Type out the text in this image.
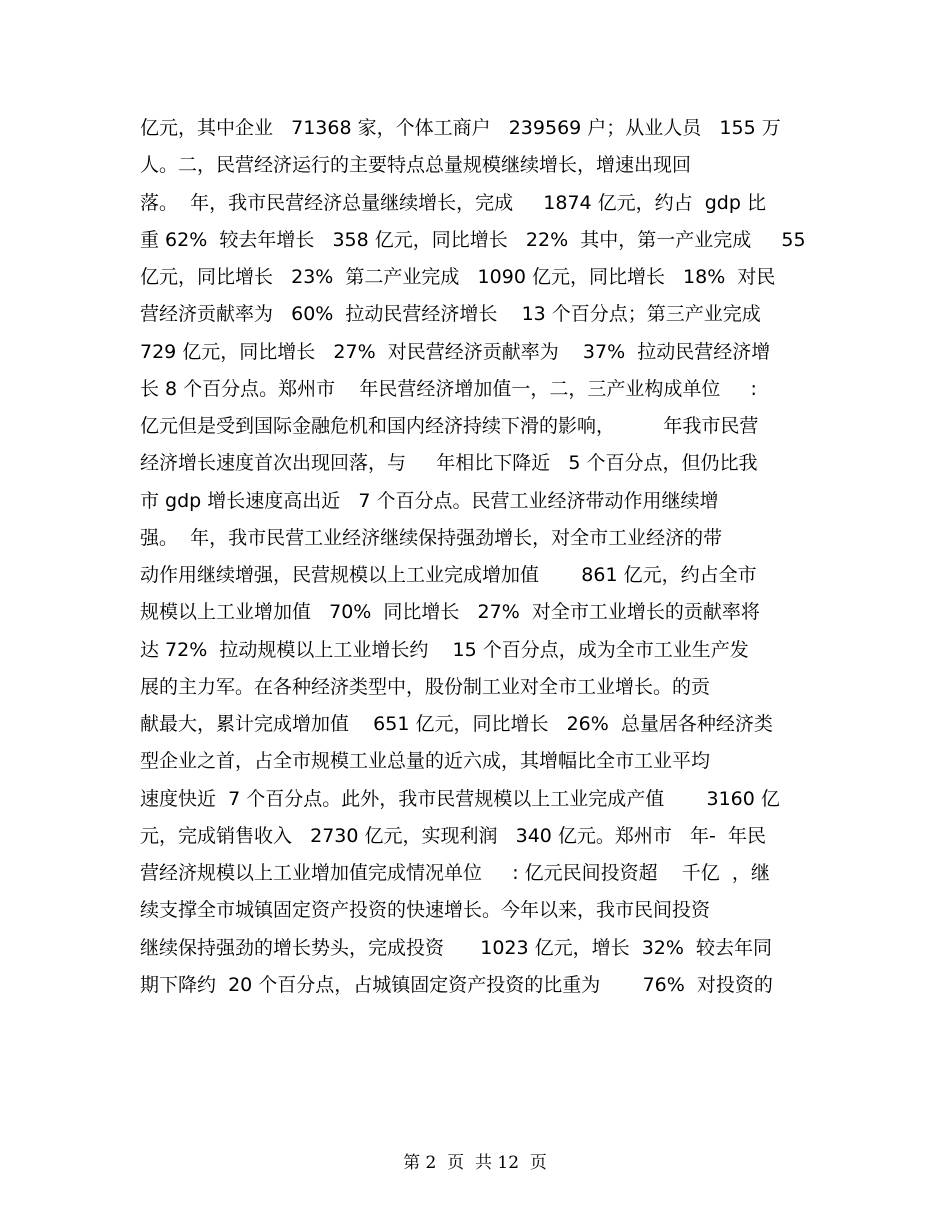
亿元，其中企业   71368 家，个体工商户   239569 户；从业人员   155 万
人。二，民营经济运行的主要特点总量规模继续增长，增速出现回
落。  年，我市民营经济总量继续增长，完成     1874 亿元，约占  gdp 比
重 62%  较去年增长   358 亿元，同比增长   22%  其中，第一产业完成     55
亿元，同比增长   23%  第二产业完成   1090 亿元，同比增长   18%  对民
营经济贡献率为   60%  拉动民营经济增长    13 个百分点；第三产业完成
729 亿元，同比增长   27%  对民营经济贡献率为    37%  拉动民营经济增
长 8 个百分点。郑州市    年民营经济增加值一，二，三产业构成单位     :
亿元但是受到国际金融危机和国内经济持续下滑的影响，        年我市民营
经济增长速度首次出现回落，与     年相比下降近   5 个百分点，但仍比我
市 gdp 增长速度高出近   7 个百分点。民营工业经济带动作用继续增
强。  年，我市民营工业经济继续保持强劲增长，对全市工业经济的带
动作用继续增强，民营规模以上工业完成增加值       861 亿元，约占全市
规模以上工业增加值   70%  同比增长   27%  对全市工业增长的贡献率将
达 72%  拉动规模以上工业增长约    15 个百分点，成为全市工业生产发
展的主力军。在各种经济类型中，股份制工业对全市工业增长。的贡
献最大，累计完成增加值    651 亿元，同比增长   26%  总量居各种经济类
型企业之首，占全市规模工业总量的近六成，其增幅比全市工业平均
速度快近  7 个百分点。此外，我市民营规模以上工业完成产值       3160 亿
元，完成销售收入   2730 亿元，实现利润   340 亿元。郑州市   年-  年民
营经济规模以上工业增加值完成情况单位     : 亿元民间投资超    千亿  ，继
续支撑全市城镇固定资产投资的快速增长。今年以来，我市民间投资
继续保持强劲的增长势头，完成投资      1023 亿元，增长  32%  较去年同
期下降约  20 个百分点，占城镇固定资产投资的比重为       76%  对投资的
第 2  页  共 12  页
